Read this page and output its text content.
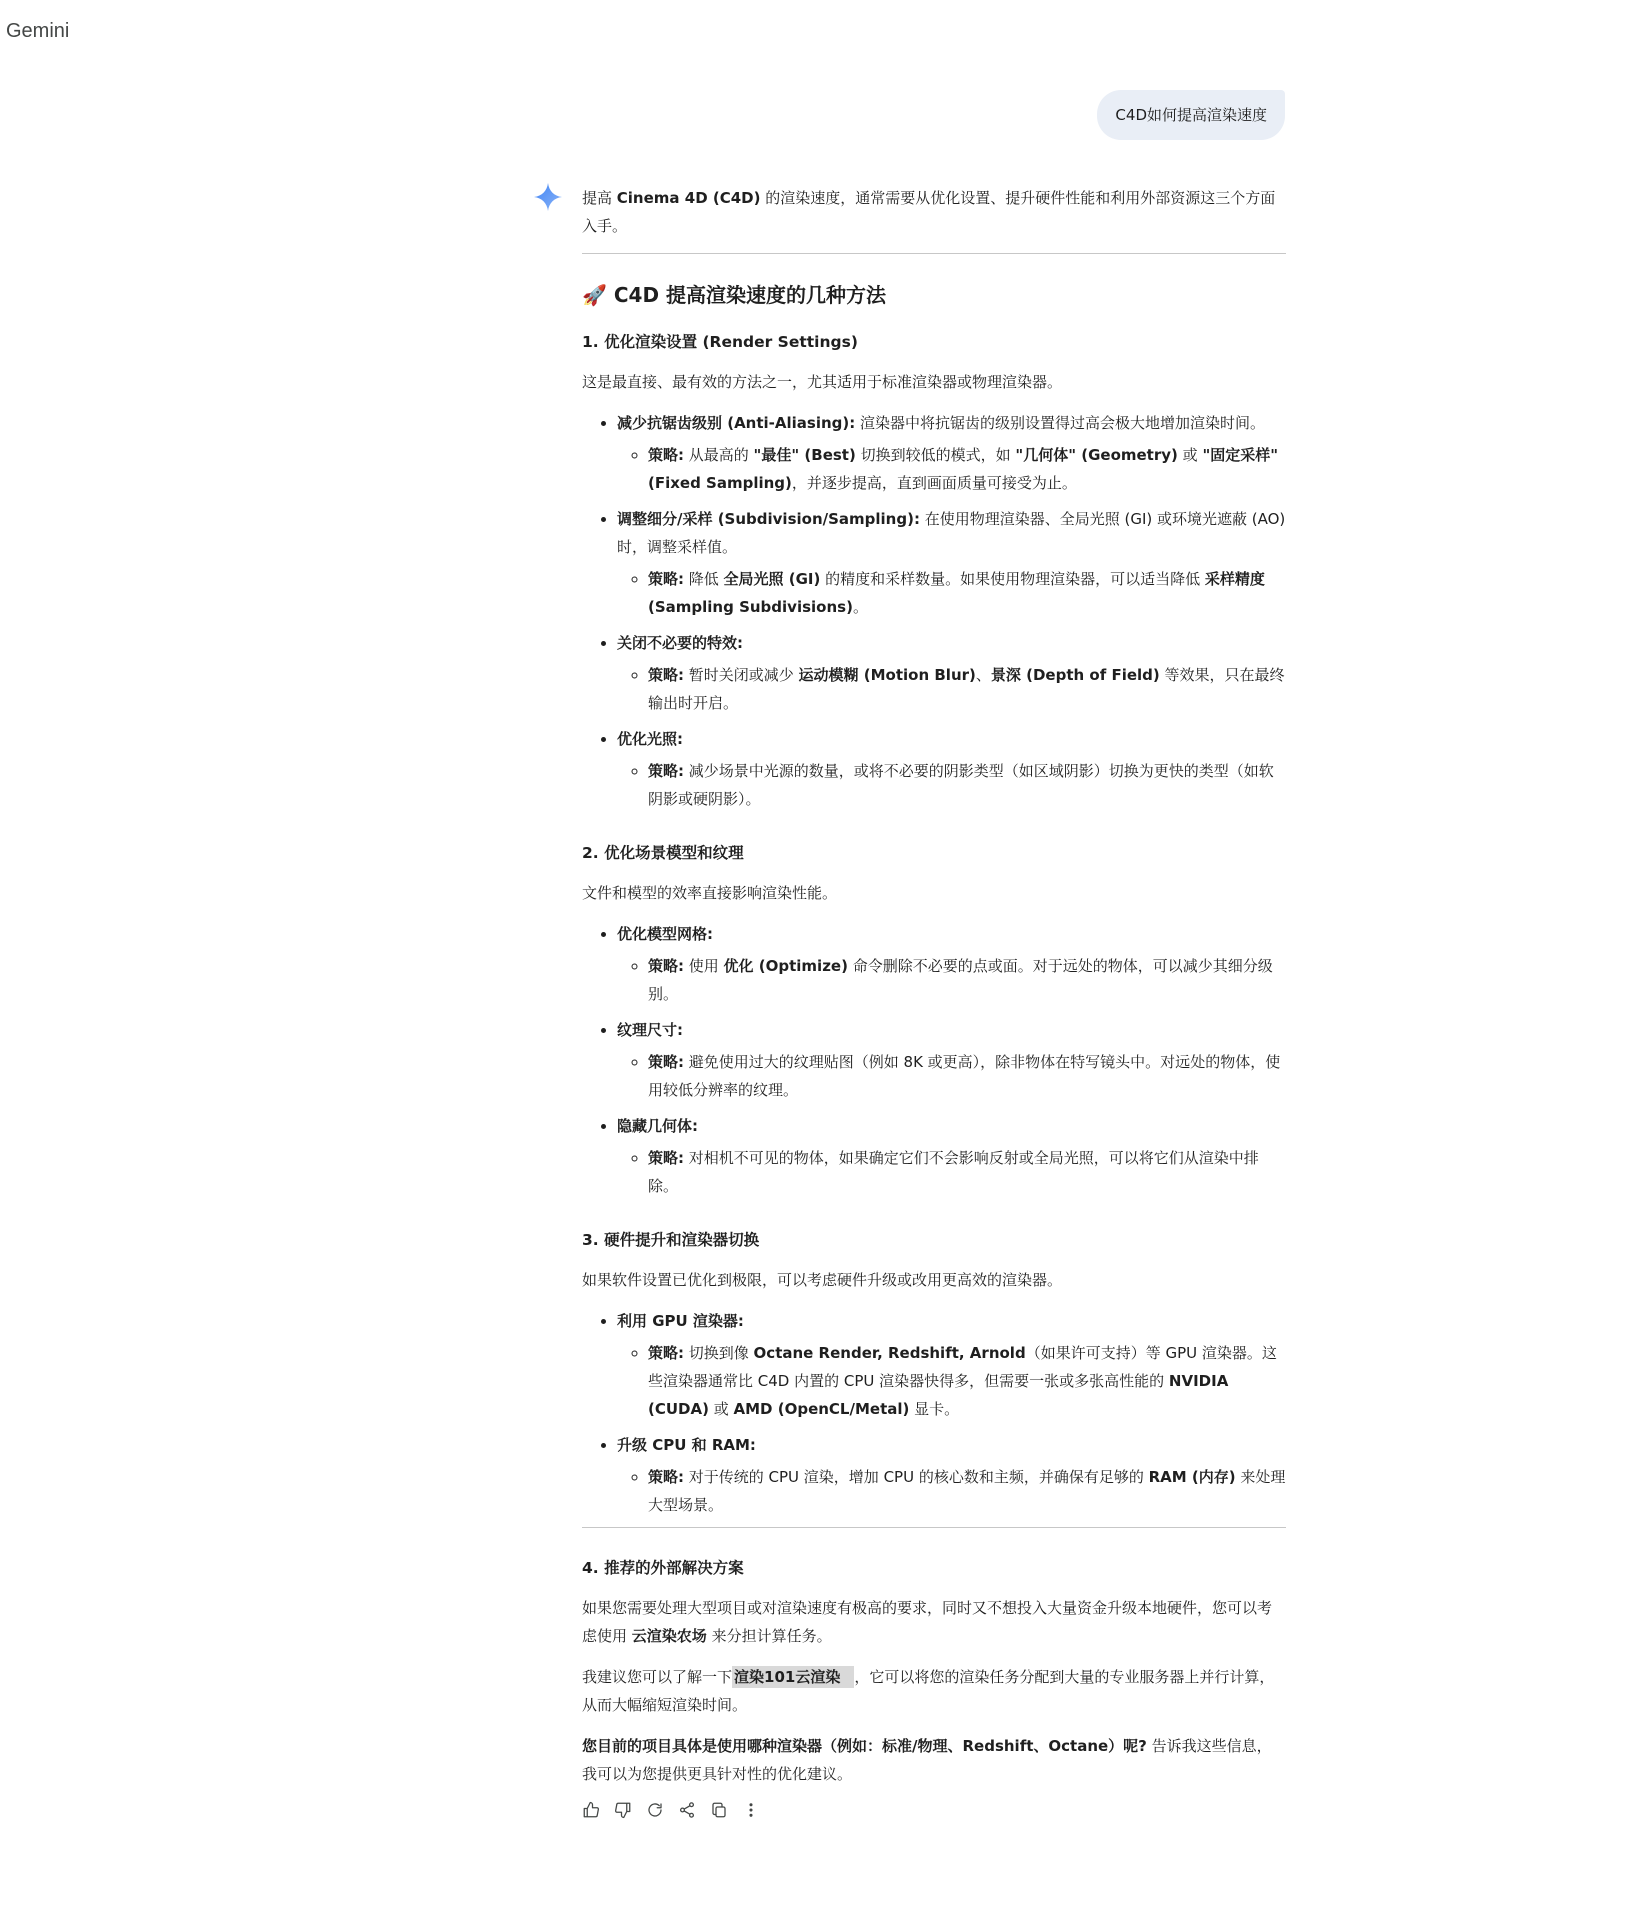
Gemini
C4D如何提高渲染速度

提高 Cinema 4D (C4D) 的渲染速度，通常需要从优化设置、提升硬件性能和利用外部资源这三个方面入手。

🚀 C4D 提高渲染速度的几种方法
1. 优化渲染设置 (Render Settings)

这是最直接、最有效的方法之一，尤其适用于标准渲染器或物理渲染器。

• 减少抗锯齿级别 (Anti-Aliasing): 渲染器中将抗锯齿的级别设置得过高会极大地增加渲染时间。
◦ 策略: 从最高的 "最佳" (Best) 切换到较低的模式，如 "几何体" (Geometry) 或 "固定采样" (Fixed Sampling)，并逐步提高，直到画面质量可接受为止。
• 调整细分/采样 (Subdivision/Sampling): 在使用物理渲染器、全局光照 (GI) 或环境光遮蔽 (AO) 时，调整采样值。
◦ 策略: 降低 全局光照 (GI) 的精度和采样数量。如果使用物理渲染器，可以适当降低 采样精度 (Sampling Subdivisions)。
• 关闭不必要的特效:
◦ 策略: 暂时关闭或减少 运动模糊 (Motion Blur)、景深 (Depth of Field) 等效果，只在最终输出时开启。
• 优化光照:
◦ 策略: 减少场景中光源的数量，或将不必要的阴影类型（如区域阴影）切换为更快的类型（如软阴影或硬阴影）。
2. 优化场景模型和纹理

文件和模型的效率直接影响渲染性能。

• 优化模型网格:
◦ 策略: 使用 优化 (Optimize) 命令删除不必要的点或面。对于远处的物体，可以减少其细分级别。
• 纹理尺寸:
◦ 策略: 避免使用过大的纹理贴图（例如 8K 或更高），除非物体在特写镜头中。对远处的物体，使用较低分辨率的纹理。
• 隐藏几何体:
◦ 策略: 对相机不可见的物体，如果确定它们不会影响反射或全局光照，可以将它们从渲染中排除。
3. 硬件提升和渲染器切换

如果软件设置已优化到极限，可以考虑硬件升级或改用更高效的渲染器。

• 利用 GPU 渲染器:
◦ 策略: 切换到像 Octane Render, Redshift, Arnold（如果许可支持）等 GPU 渲染器。这些渲染器通常比 C4D 内置的 CPU 渲染器快得多，但需要一张或多张高性能的 NVIDIA (CUDA) 或 AMD (OpenCL/Metal) 显卡。
• 升级 CPU 和 RAM:
◦ 策略: 对于传统的 CPU 渲染，增加 CPU 的核心数和主频，并确保有足够的 RAM (内存) 来处理大型场景。
4. 推荐的外部解决方案

如果您需要处理大型项目或对渲染速度有极高的要求，同时又不想投入大量资金升级本地硬件，您可以考虑使用 云渲染农场 来分担计算任务。

我建议您可以了解一下 渲染101云渲染 ，它可以将您的渲染任务分配到大量的专业服务器上并行计算，从而大幅缩短渲染时间。

您目前的项目具体是使用哪种渲染器（例如：标准/物理、Redshift、Octane）呢? 告诉我这些信息，我可以为您提供更具针对性的优化建议。
